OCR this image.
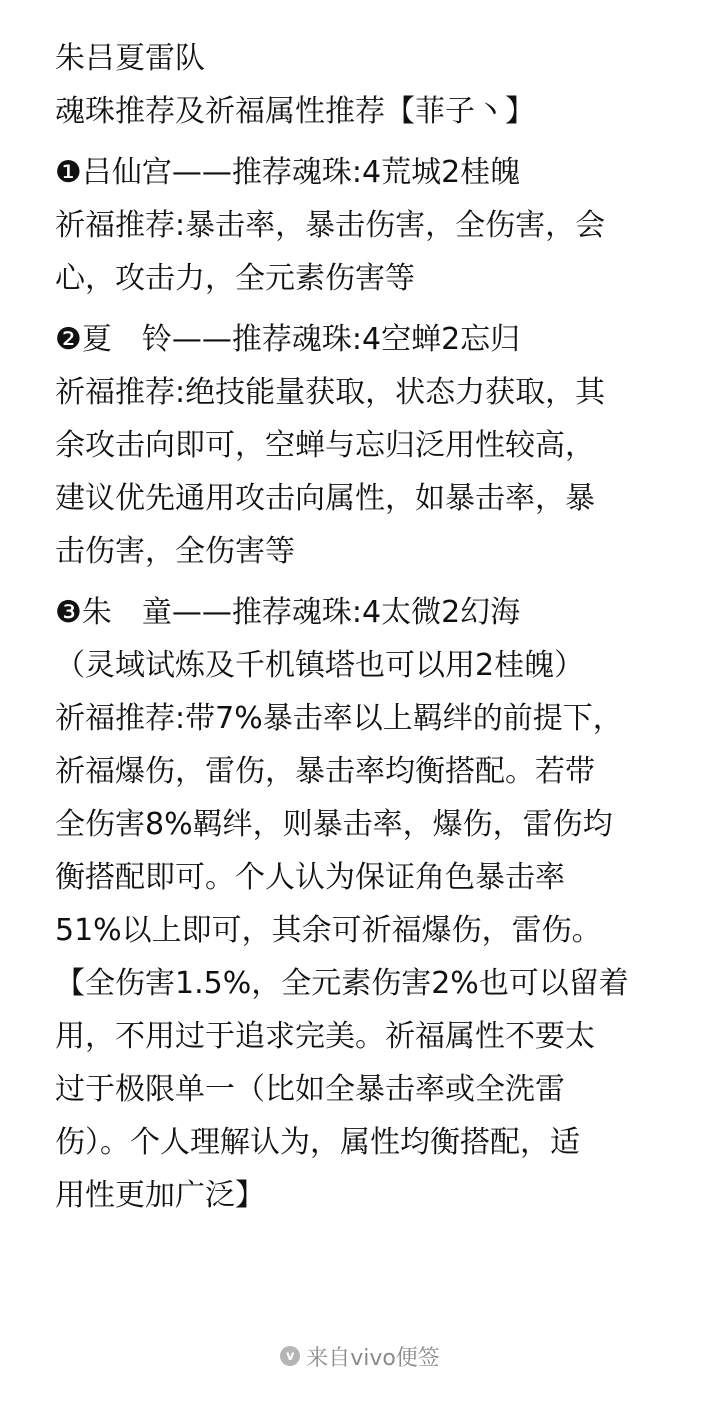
朱吕夏雷队
魂珠推荐及祈福属性推荐【菲子丶】
❶吕仙宫——推荐魂珠:4荒城2桂魄
祈福推荐:暴击率，暴击伤害，全伤害，会
心，攻击力，全元素伤害等
❷夏　铃——推荐魂珠:4空蝉2忘归
祈福推荐:绝技能量获取，状态力获取，其
余攻击向即可，空蝉与忘归泛用性较高，
建议优先通用攻击向属性，如暴击率，暴
击伤害，全伤害等
❸朱　童——推荐魂珠:4太微2幻海
（灵域试炼及千机镇塔也可以用2桂魄）
祈福推荐:带7%暴击率以上羁绊的前提下，
祈福爆伤，雷伤，暴击率均衡搭配。若带
全伤害8%羁绊，则暴击率，爆伤，雷伤均
衡搭配即可。个人认为保证角色暴击率
51%以上即可，其余可祈福爆伤，雷伤。
【全伤害1.5%，全元素伤害2%也可以留着
用，不用过于追求完美。祈福属性不要太
过于极限单一（比如全暴击率或全洗雷
伤）。个人理解认为，属性均衡搭配，适
用性更加广泛】
v 来自vivo便签
